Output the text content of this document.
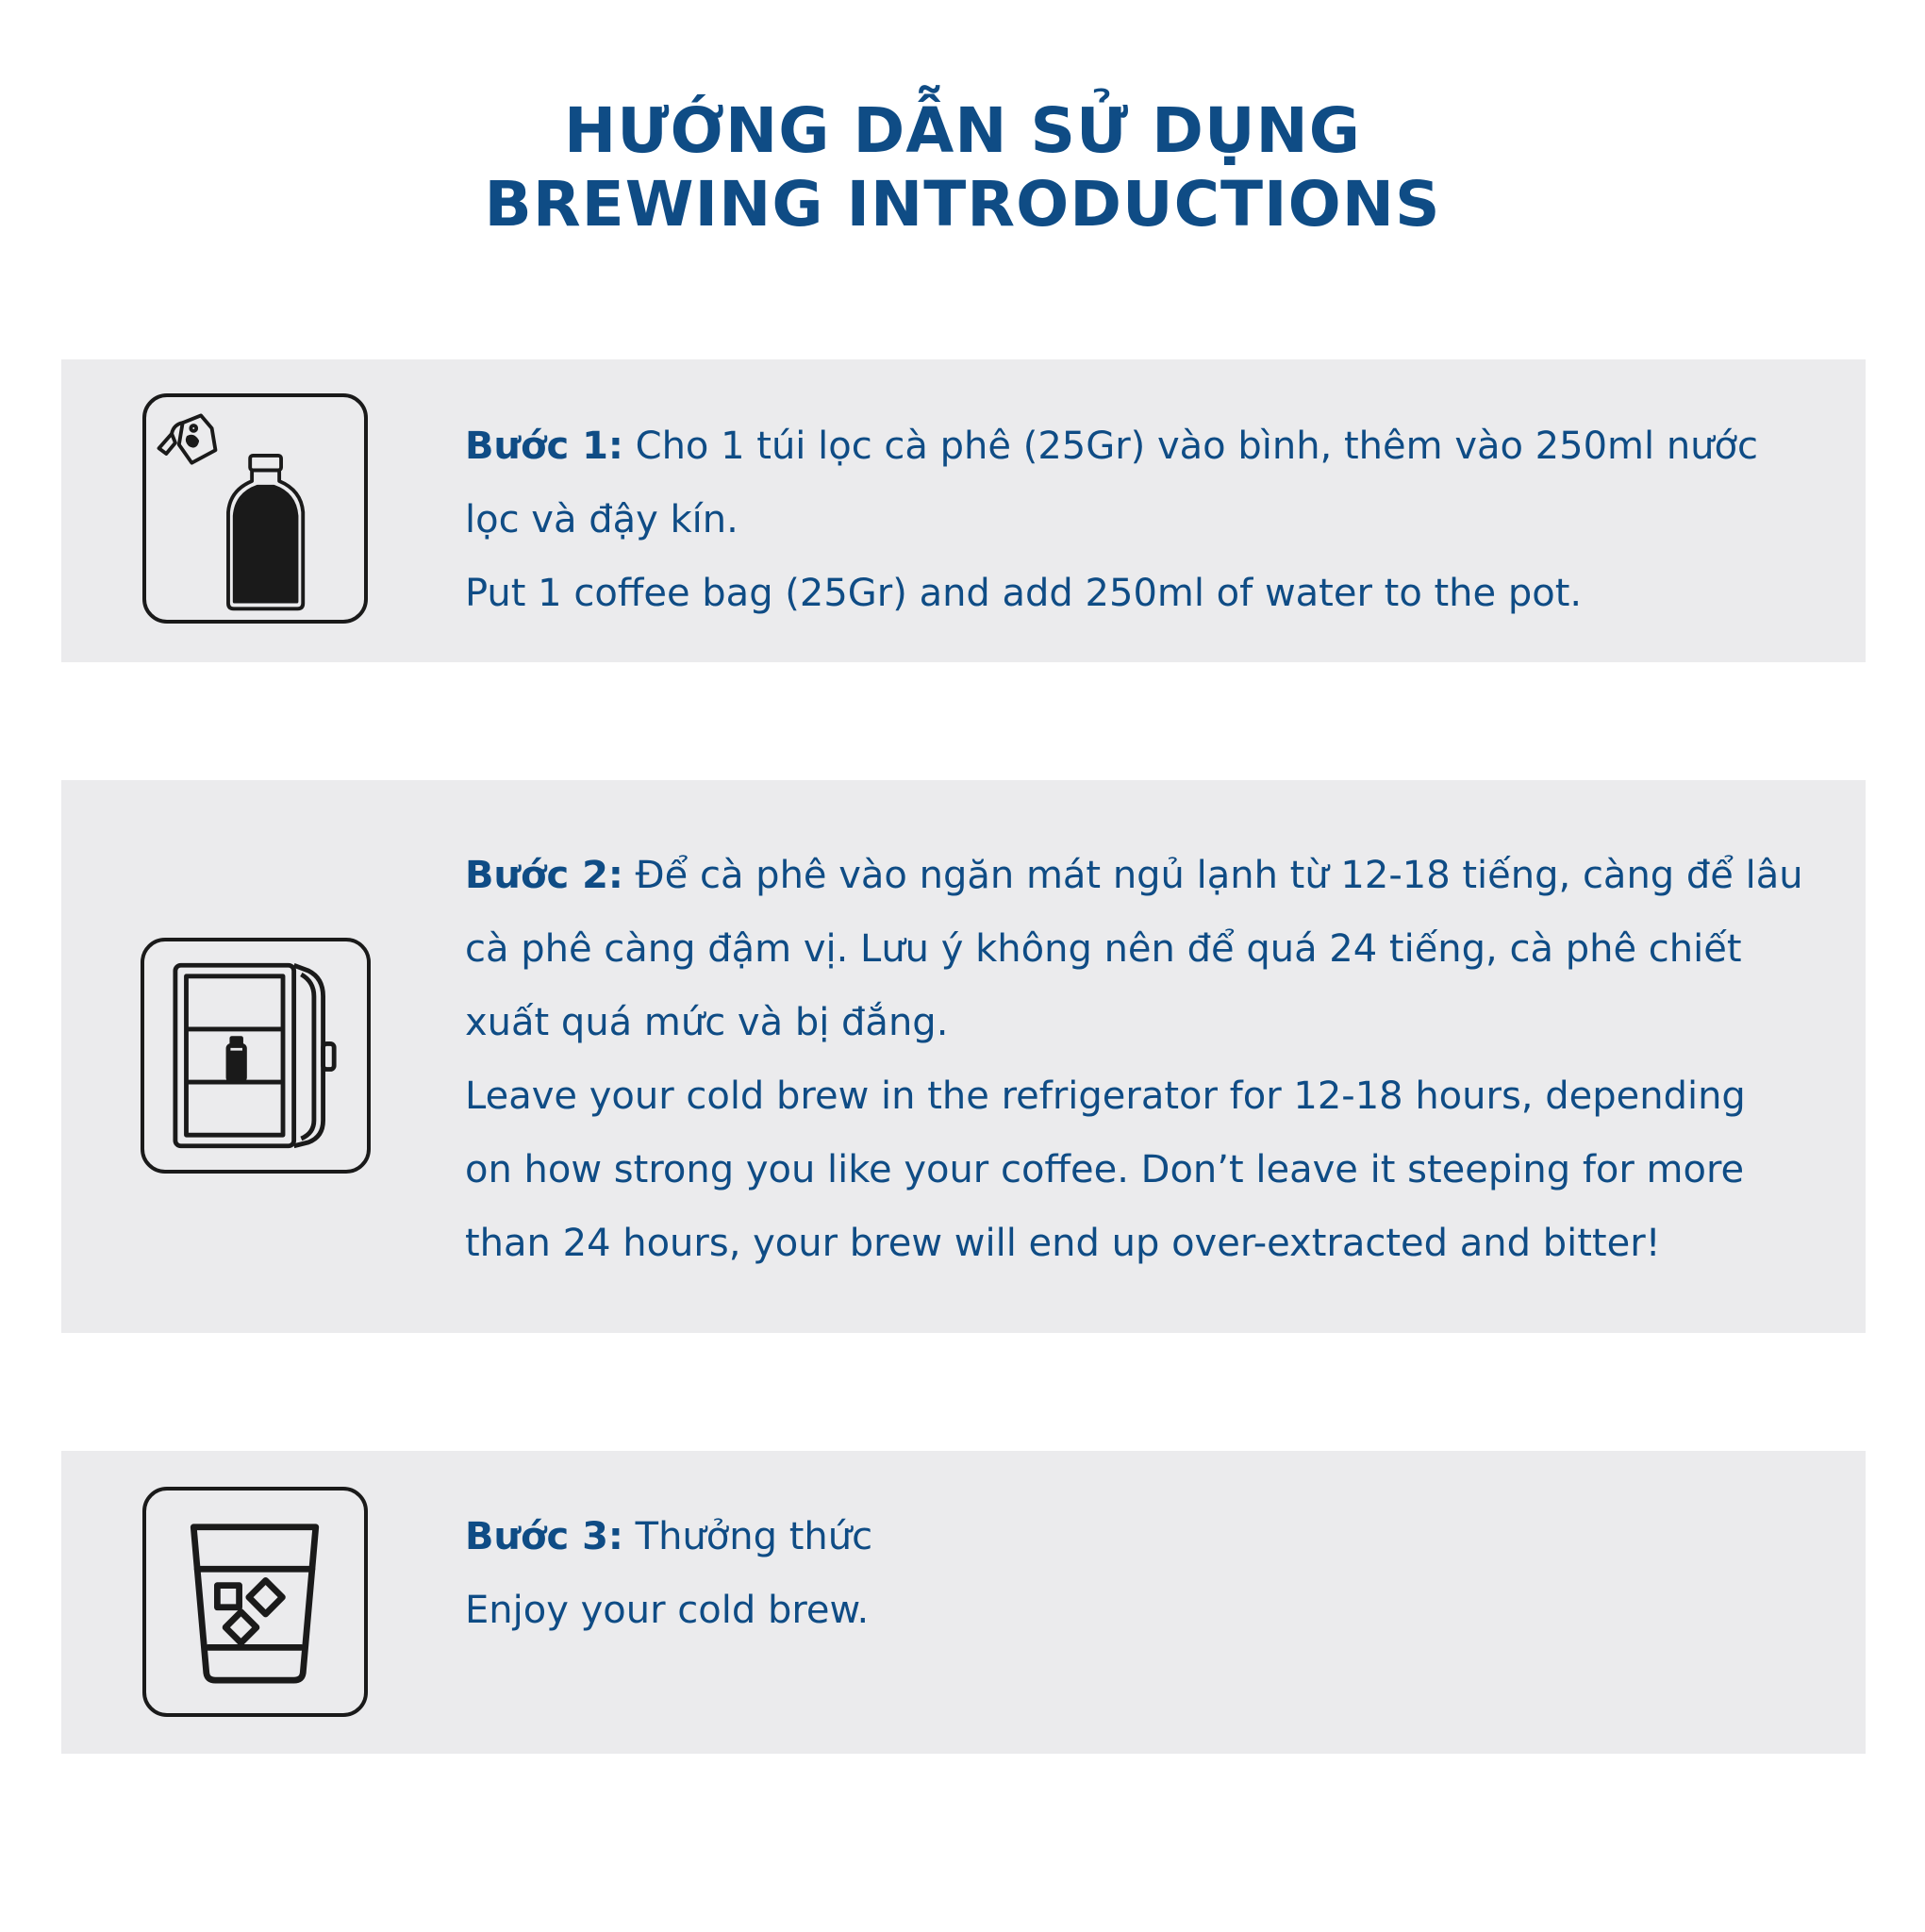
HƯỚNG DẪN SỬ DỤNG
BREWING INTRODUCTIONS

Bước 1: Cho 1 túi lọc cà phê (25Gr) vào bình, thêm vào 250ml nước lọc và đậy kín.

Put 1 coffee bag (25Gr) and add 250ml of water to the pot.

Bước 2: Để cà phê vào ngăn mát ngủ lạnh từ 12-18 tiếng, càng để lâu cà phê càng đậm vị. Lưu ý không nên để quá 24 tiếng, cà phê chiết xuất quá mức và bị đắng.

Leave your cold brew in the refrigerator for 12-18 hours, depending on how strong you like your coffee. Don’t leave it steeping for more than 24 hours, your brew will end up over-extracted and bitter!

Bước 3: Thưởng thức

Enjoy your cold brew.
